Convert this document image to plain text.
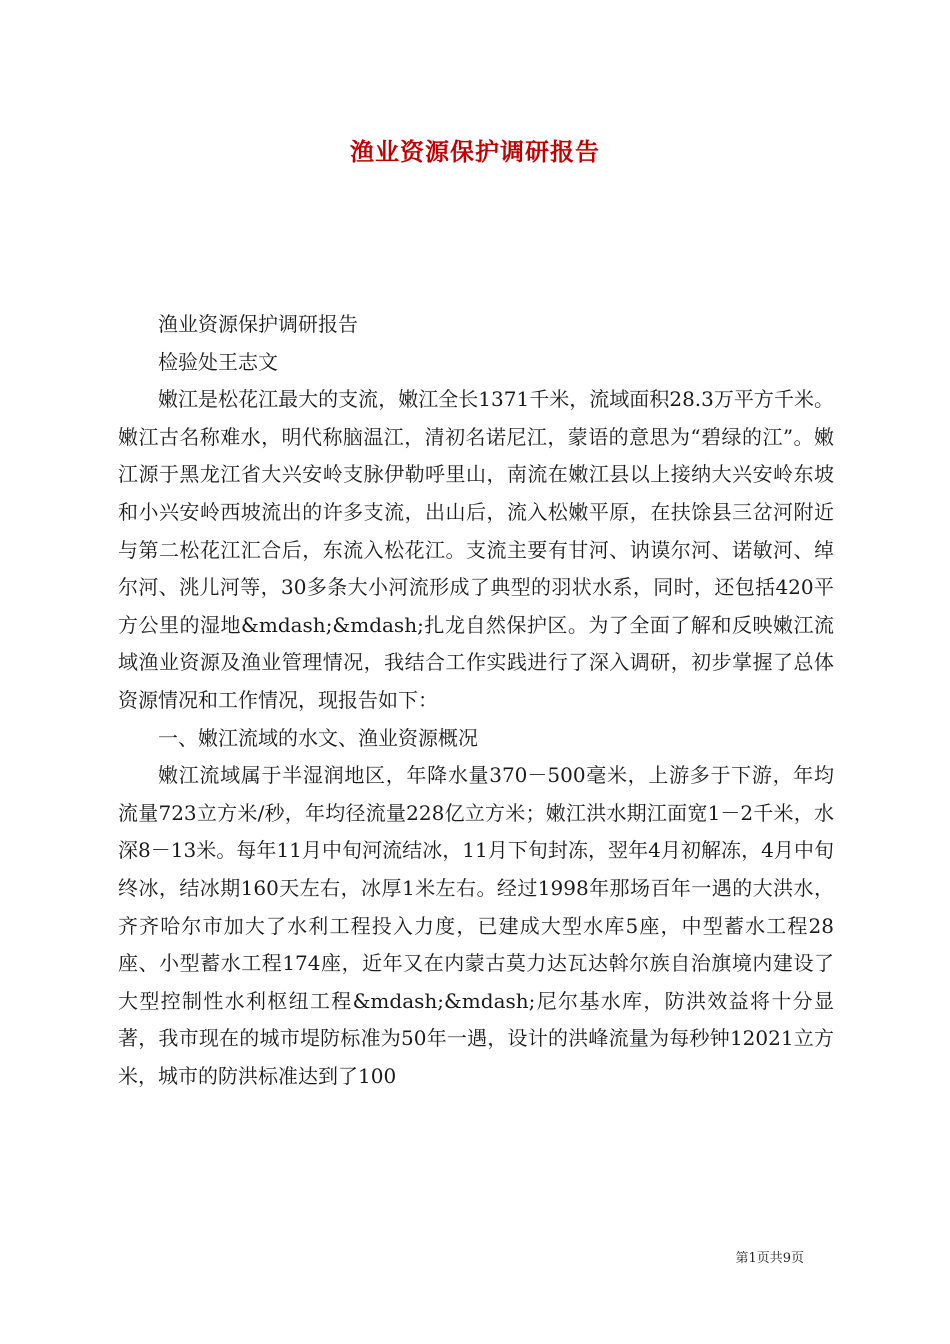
渔业资源保护调研报告

渔业资源保护调研报告

检验处王志文

嫩江是松花江最大的支流，嫩江全长1371千米，流域面积28.3万平方千米。嫩江古名称难水，明代称脑温江，清初名诺尼江，蒙语的意思为“碧绿的江”。嫩江源于黑龙江省大兴安岭支脉伊勒呼里山，南流在嫩江县以上接纳大兴安岭东坡和小兴安岭西坡流出的许多支流，出山后，流入松嫩平原，在扶馀县三岔河附近与第二松花江汇合后，东流入松花江。支流主要有甘河、讷谟尔河、诺敏河、绰尔河、洮儿河等，30多条大小河流形成了典型的羽状水系，同时，还包括420平方公里的湿地&mdash;&mdash;扎龙自然保护区。为了全面了解和反映嫩江流域渔业资源及渔业管理情况，我结合工作实践进行了深入调研，初步掌握了总体资源情况和工作情况，现报告如下：

一、嫩江流域的水文、渔业资源概况

嫩江流域属于半湿润地区，年降水量370－500毫米，上游多于下游，年均流量723立方米/秒，年均径流量228亿立方米；嫩江洪水期江面宽1－2千米，水深8－13米。每年11月中旬河流结冰，11月下旬封冻，翌年4月初解冻，4月中旬终冰，结冰期160天左右，冰厚1米左右。经过1998年那场百年一遇的大洪水，齐齐哈尔市加大了水利工程投入力度，已建成大型水库5座，中型蓄水工程28座、小型蓄水工程174座，近年又在内蒙古莫力达瓦达斡尔族自治旗境内建设了大型控制性水利枢纽工程&mdash;&mdash;尼尔基水库，防洪效益将十分显著，我市现在的城市堤防标准为50年一遇，设计的洪峰流量为每秒钟12021立方米，城市的防洪标准达到了100

第1页共9页
